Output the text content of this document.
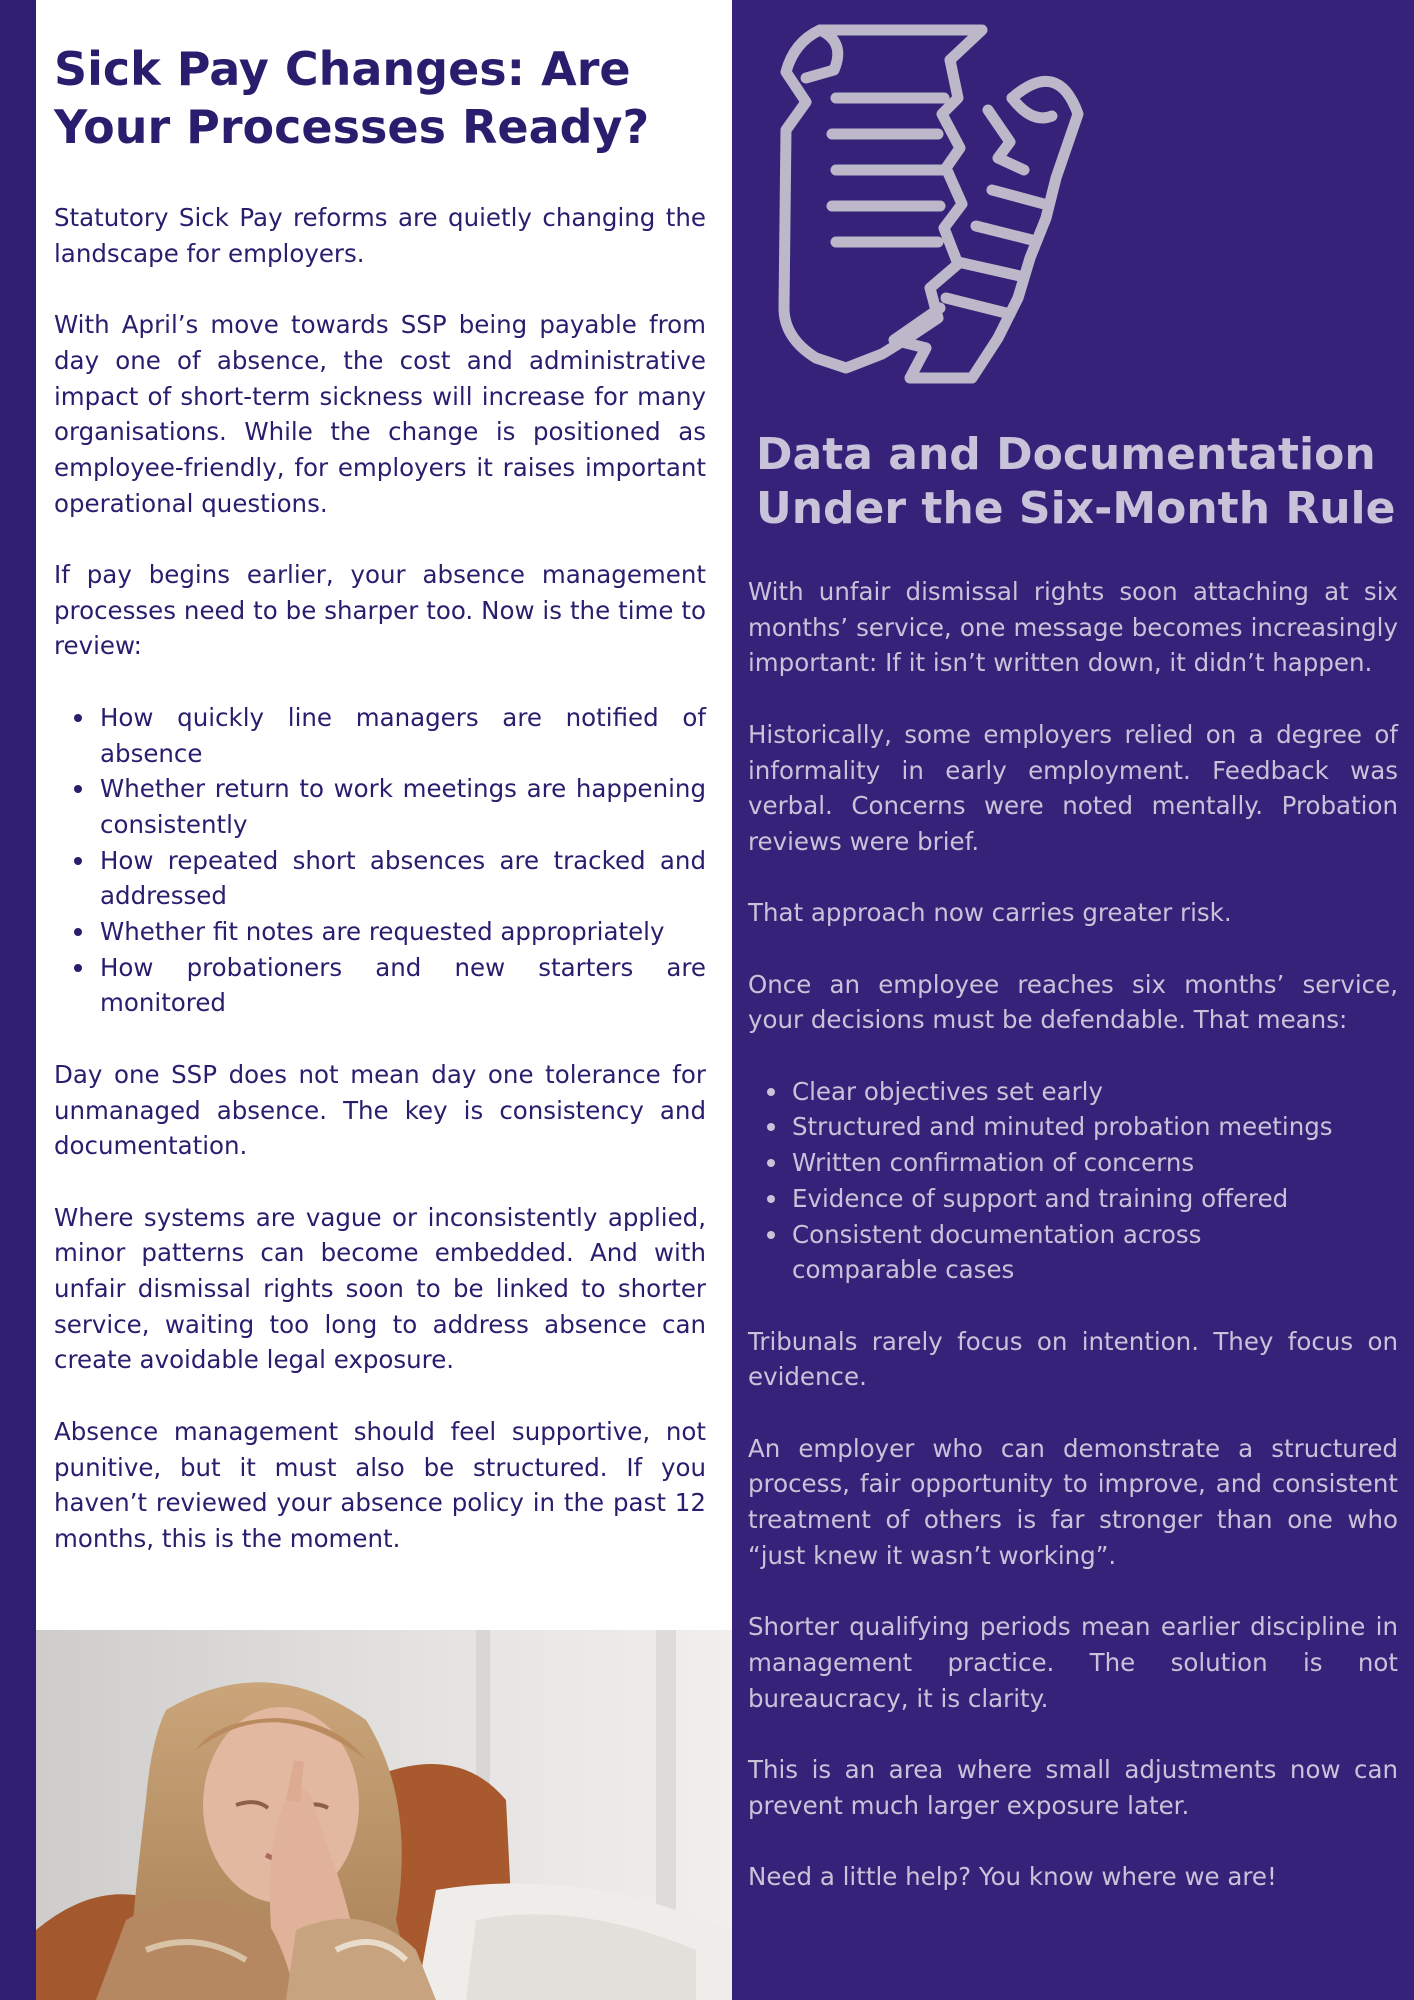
Sick Pay Changes: Are Your Processes Ready?

Statutory Sick Pay reforms are quietly changing the landscape for employers.

With April’s move towards SSP being payable from day one of absence, the cost and administrative impact of short-term sickness will increase for many organisations. While the change is positioned as employee-friendly, for employers it raises important operational questions.

If pay begins earlier, your absence management processes need to be sharper too. Now is the time to review:

How quickly line managers are notified of absence
Whether return to work meetings are happening consistently
How repeated short absences are tracked and addressed
Whether fit notes are requested appropriately
How probationers and new starters are monitored

Day one SSP does not mean day one tolerance for unmanaged absence. The key is consistency and documentation.

Where systems are vague or inconsistently applied, minor patterns can become embedded. And with unfair dismissal rights soon to be linked to shorter service, waiting too long to address absence can create avoidable legal exposure.

Absence management should feel supportive, not punitive, but it must also be structured. If you haven’t reviewed your absence policy in the past 12 months, this is the moment.

Data and Documentation Under the Six-Month Rule

With unfair dismissal rights soon attaching at six months’ service, one message becomes increasingly important: If it isn’t written down, it didn’t happen.

Historically, some employers relied on a degree of informality in early employment. Feedback was verbal. Concerns were noted mentally. Probation reviews were brief.

That approach now carries greater risk.

Once an employee reaches six months’ service, your decisions must be defendable. That means:

Clear objectives set early
Structured and minuted probation meetings
Written confirmation of concerns
Evidence of support and training offered
Consistent documentation across comparable cases

Tribunals rarely focus on intention. They focus on evidence.

An employer who can demonstrate a structured process, fair opportunity to improve, and consistent treatment of others is far stronger than one who “just knew it wasn’t working”.

Shorter qualifying periods mean earlier discipline in management practice. The solution is not bureaucracy, it is clarity.

This is an area where small adjustments now can prevent much larger exposure later.

Need a little help? You know where we are!
